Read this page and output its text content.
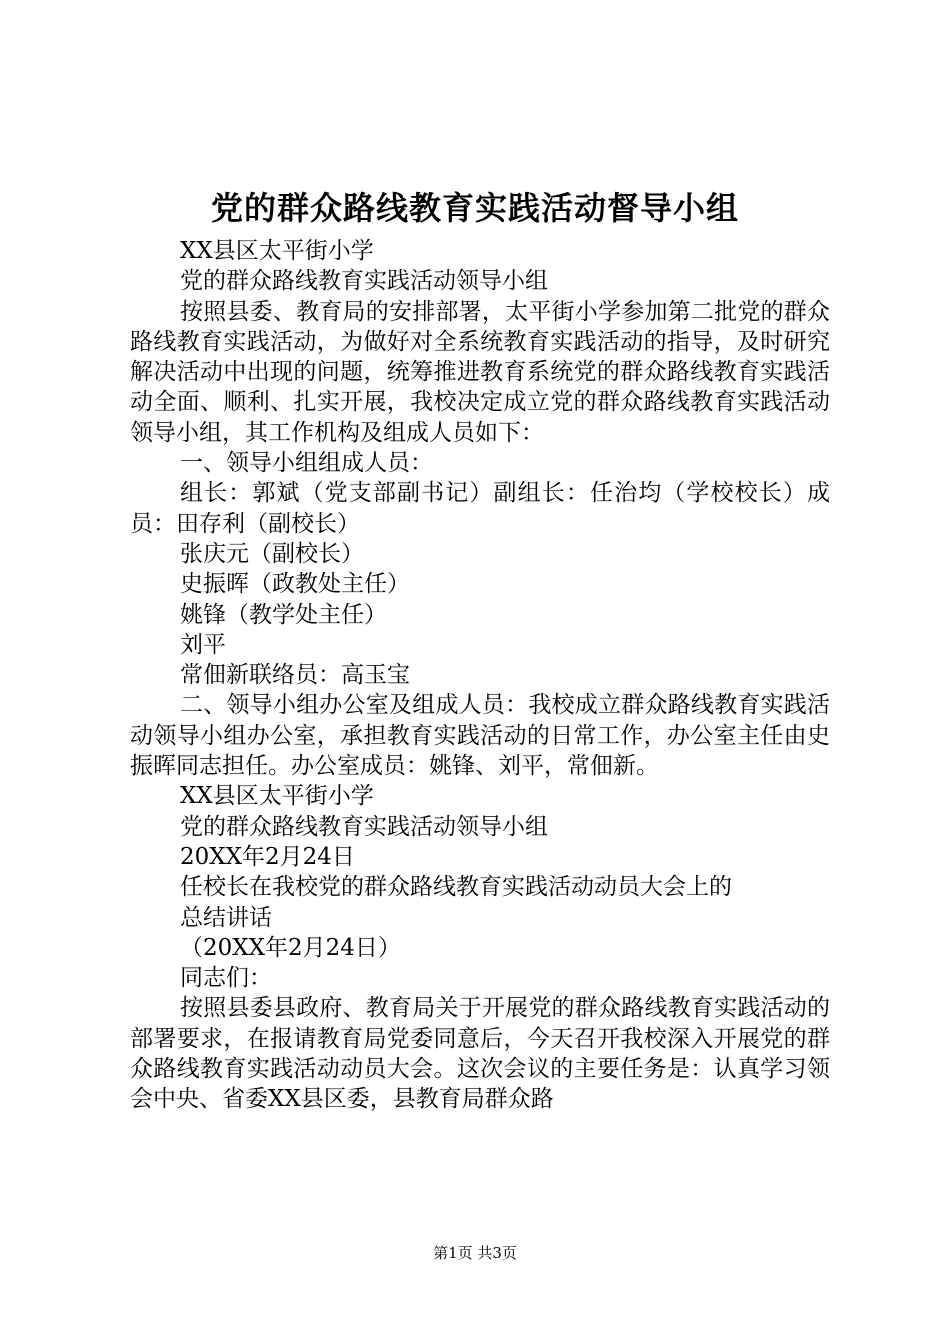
党的群众路线教育实践活动督导小组

XX县区太平街小学

党的群众路线教育实践活动领导小组

按照县委、教育局的安排部署，太平街小学参加第二批党的群众路线教育实践活动，为做好对全系统教育实践活动的指导，及时研究解决活动中出现的问题，统筹推进教育系统党的群众路线教育实践活动全面、顺利、扎实开展，我校决定成立党的群众路线教育实践活动领导小组，其工作机构及组成人员如下：

一、领导小组组成人员：

组长：郭斌（党支部副书记）副组长：任治均（学校校长）成员：田存利（副校长）

张庆元（副校长）

史振晖（政教处主任）

姚锋（教学处主任）

刘平

常佃新联络员：高玉宝

二、领导小组办公室及组成人员：我校成立群众路线教育实践活动领导小组办公室，承担教育实践活动的日常工作，办公室主任由史振晖同志担任。办公室成员：姚锋、刘平，常佃新。

XX县区太平街小学

党的群众路线教育实践活动领导小组

20XX年2月24日

任校长在我校党的群众路线教育实践活动动员大会上的

总结讲话

（20XX年2月24日）

同志们：

按照县委县政府、教育局关于开展党的群众路线教育实践活动的部署要求，在报请教育局党委同意后，今天召开我校深入开展党的群众路线教育实践活动动员大会。这次会议的主要任务是：认真学习领会中央、省委XX县区委，县教育局群众路

第1页 共3页
